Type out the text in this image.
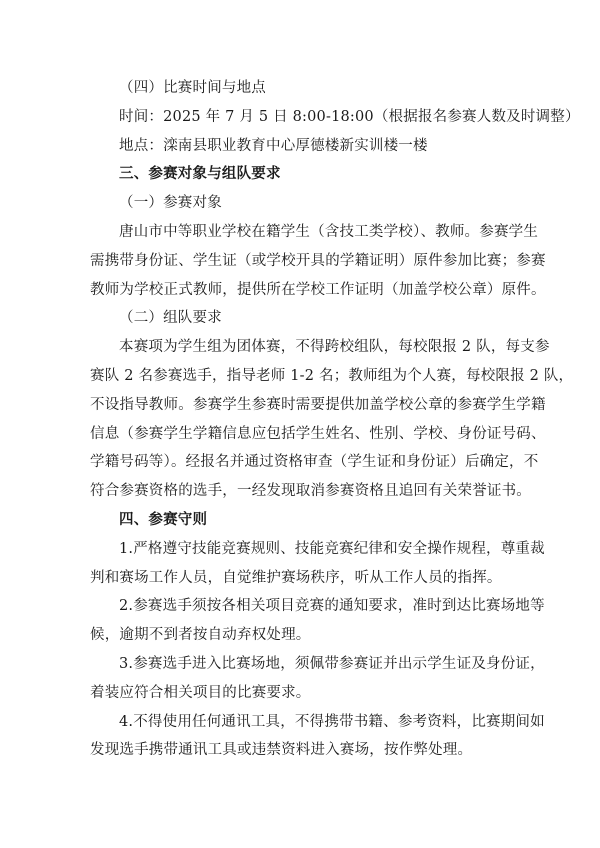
（四）比赛时间与地点
时间：2025 年 7 月 5 日 8:00-18:00（根据报名参赛人数及时调整）
地点：滦南县职业教育中心厚德楼新实训楼一楼
三、参赛对象与组队要求
（一）参赛对象
唐山市中等职业学校在籍学生（含技工类学校）、教师。参赛学生
需携带身份证、学生证（或学校开具的学籍证明）原件参加比赛；参赛
教师为学校正式教师，提供所在学校工作证明（加盖学校公章）原件。
（二）组队要求
本赛项为学生组为团体赛，不得跨校组队，每校限报 2 队，每支参
赛队 2 名参赛选手，指导老师 1-2 名；教师组为个人赛，每校限报 2 队，
不设指导教师。参赛学生参赛时需要提供加盖学校公章的参赛学生学籍
信息（参赛学生学籍信息应包括学生姓名、性别、学校、身份证号码、
学籍号码等）。经报名并通过资格审查（学生证和身份证）后确定，不
符合参赛资格的选手，一经发现取消参赛资格且追回有关荣誉证书。
四、参赛守则
1.严格遵守技能竞赛规则、技能竞赛纪律和安全操作规程，尊重裁
判和赛场工作人员，自觉维护赛场秩序，听从工作人员的指挥。
2.参赛选手须按各相关项目竞赛的通知要求，准时到达比赛场地等
候，逾期不到者按自动弃权处理。
3.参赛选手进入比赛场地，须佩带参赛证并出示学生证及身份证，
着装应符合相关项目的比赛要求。
4.不得使用任何通讯工具，不得携带书籍、参考资料，比赛期间如
发现选手携带通讯工具或违禁资料进入赛场，按作弊处理。
